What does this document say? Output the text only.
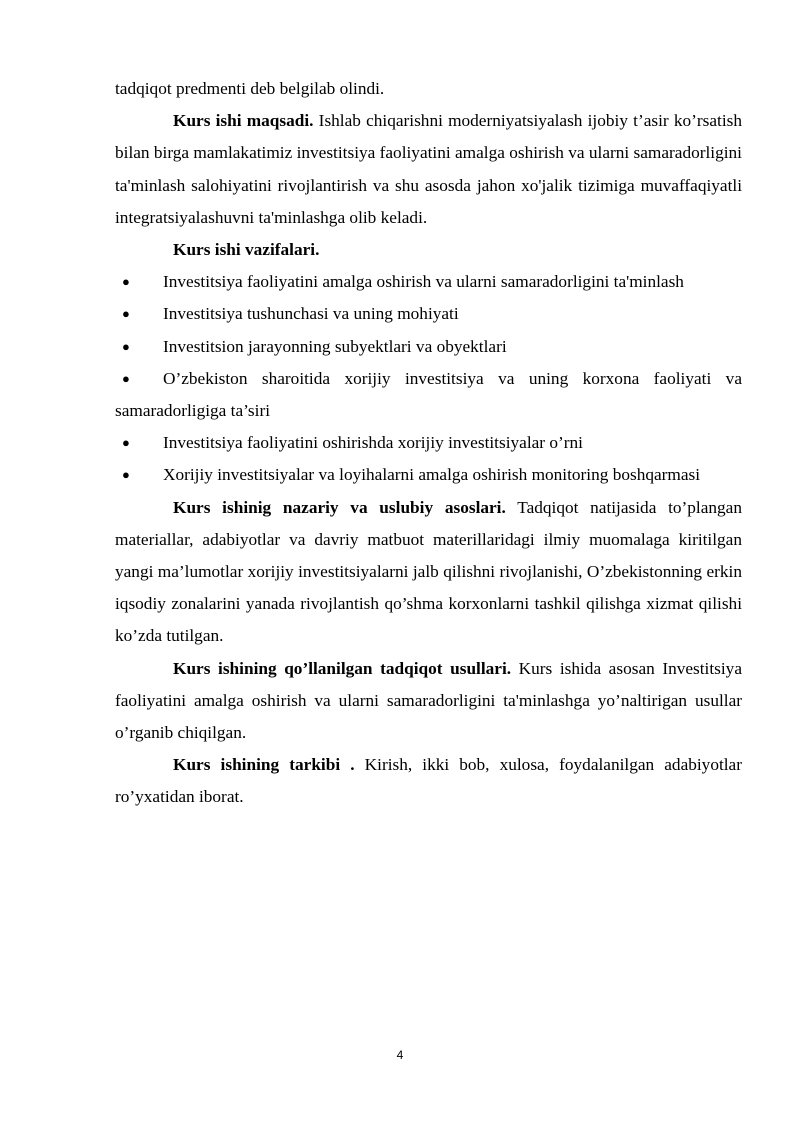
tadqiqot predmenti deb belgilab olindi.

Kurs ishi maqsadi. Ishlab chiqarishni moderniyatsiyalash ijobiy t’asir ko’rsatish bilan birga mamlakatimiz investitsiya faoliyatini amalga oshirish va ularni samaradorligini ta'minlash salohiyatini rivojlantirish va shu asosda jahon xo'jalik tizimiga muvaffaqiyatli integratsiyalashuvni ta'minlashga olib keladi.

Kurs ishi vazifalari.

● Investitsiya faoliyatini amalga oshirish va ularni samaradorligini ta'minlash

● Investitsiya tushunchasi va uning mohiyati

● Investitsion jarayonning subyektlari va obyektlari

● O’zbekiston sharoitida xorijiy investitsiya va uning korxona faoliyati va samaradorligiga ta’siri

● Investitsiya faoliyatini oshirishda xorijiy investitsiyalar o’rni

● Xorijiy investitsiyalar va loyihalarni amalga oshirish monitoring boshqarmasi

Kurs ishinig nazariy va uslubiy asoslari. Tadqiqot natijasida to’plangan materiallar, adabiyotlar va davriy matbuot materillaridagi ilmiy muomalaga kiritilgan yangi ma’lumotlar xorijiy investitsiyalarni jalb qilishni rivojlanishi, O’zbekistonning erkin iqsodiy zonalarini yanada rivojlantish qo’shma korxonlarni tashkil qilishga xizmat qilishi ko’zda tutilgan.

Kurs ishining qo’llanilgan tadqiqot usullari. Kurs ishida asosan Investitsiya faoliyatini amalga oshirish va ularni samaradorligini ta'minlashga yo’naltirigan usullar o’rganib chiqilgan.

Kurs ishining tarkibi . Kirish, ikki bob, xulosa, foydalanilgan adabiyotlar ro’yxatidan iborat.

4
